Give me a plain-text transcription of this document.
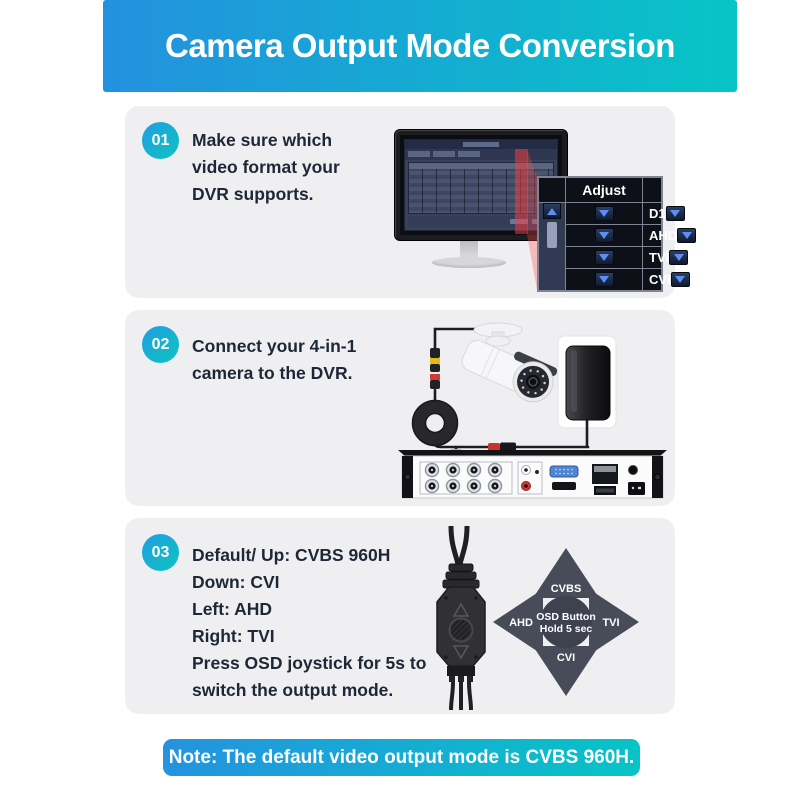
Camera Output Mode Conversion
01	Make sure which
video format your
DVR supports.	Adjust
D1
AHD
TVI
CVI
02	Connect your 4-in-1
camera to the DVR.
03	Default/ Up: CVBS 960H
Down: CVI
Left: AHD
Right: TVI
Press OSD joystick for 5s to
switch the output mode.
CVBS
CVI
AHD	TVI
OSD Button
Hold 5 sec
Note: The default video output mode is CVBS 960H.
